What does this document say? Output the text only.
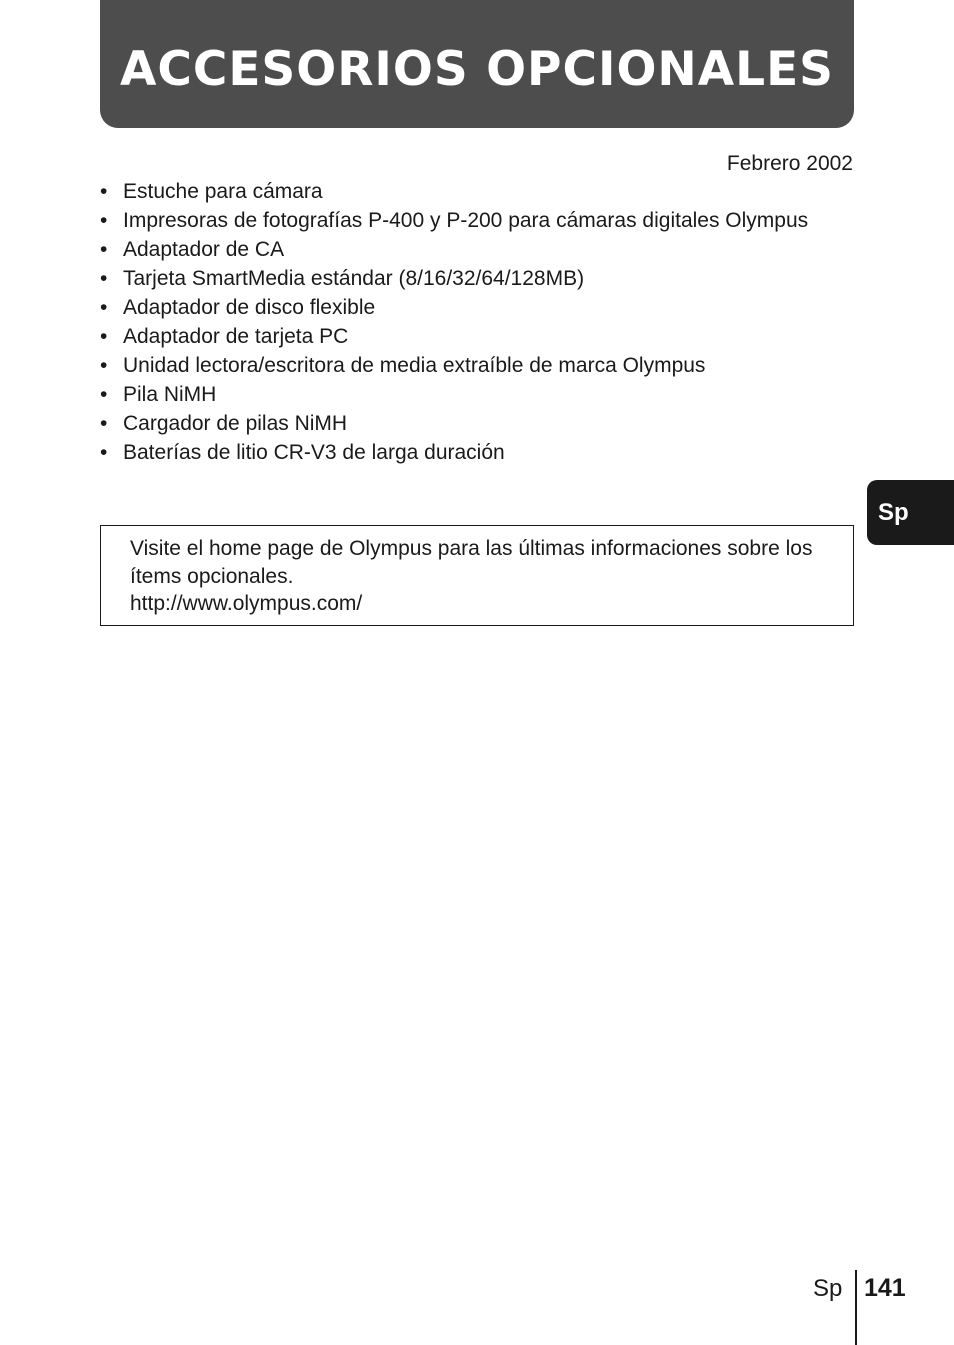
ACCESORIOS OPCIONALES
Febrero 2002
• Estuche para cámara
• Impresoras de fotografías P-400 y P-200 para cámaras digitales Olympus
• Adaptador de CA
• Tarjeta SmartMedia estándar (8/16/32/64/128MB)
• Adaptador de disco flexible
• Adaptador de tarjeta PC
• Unidad lectora/escritora de media extraíble de marca Olympus
• Pila NiMH
• Cargador de pilas NiMH
• Baterías de litio CR-V3 de larga duración

Visite el home page de Olympus para las últimas informaciones sobre los ítems opcionales.

http://www.olympus.com/

Sp
Sp 141
